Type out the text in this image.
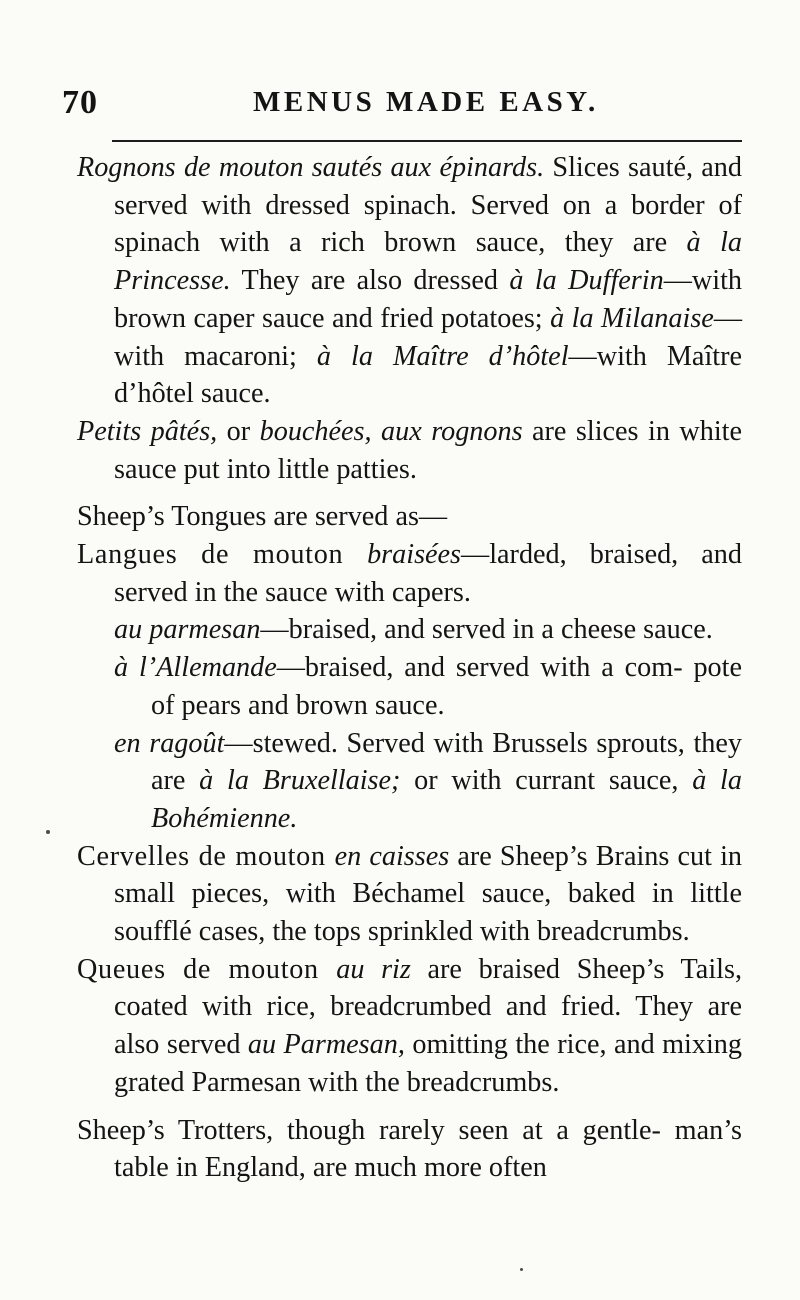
70	MENUS MADE EASY.

Rognons de mouton sautés aux épinards. Slices sauté, and served with dressed spinach. Served on a border of spinach with a rich brown sauce, they are à la Princesse. They are also dressed à la Dufferin—with brown caper sauce and fried potatoes; à la Milanaise—with macaroni; à la Maître d’hôtel—with Maître d’hôtel sauce.

Petits pâtés, or bouchées, aux rognons are slices in white sauce put into little patties.

Sheep’s Tongues are served as—

Langues de mouton braisées—larded, braised, and served in the sauce with capers.

au parmesan—braised, and served in a cheese sauce.

à l’Allemande—braised, and served with a com- pote of pears and brown sauce.

en ragoût—stewed. Served with Brussels sprouts, they are à la Bruxellaise; or with currant sauce, à la Bohémienne.

Cervelles de mouton en caisses are Sheep’s Brains cut in small pieces, with Béchamel sauce, baked in little soufflé cases, the tops sprinkled with breadcrumbs.

Queues de mouton au riz are braised Sheep’s Tails, coated with rice, breadcrumbed and fried. They are also served au Parmesan, omitting the rice, and mixing grated Parmesan with the breadcrumbs.

Sheep’s Trotters, though rarely seen at a gentle- man’s table in England, are much more often
